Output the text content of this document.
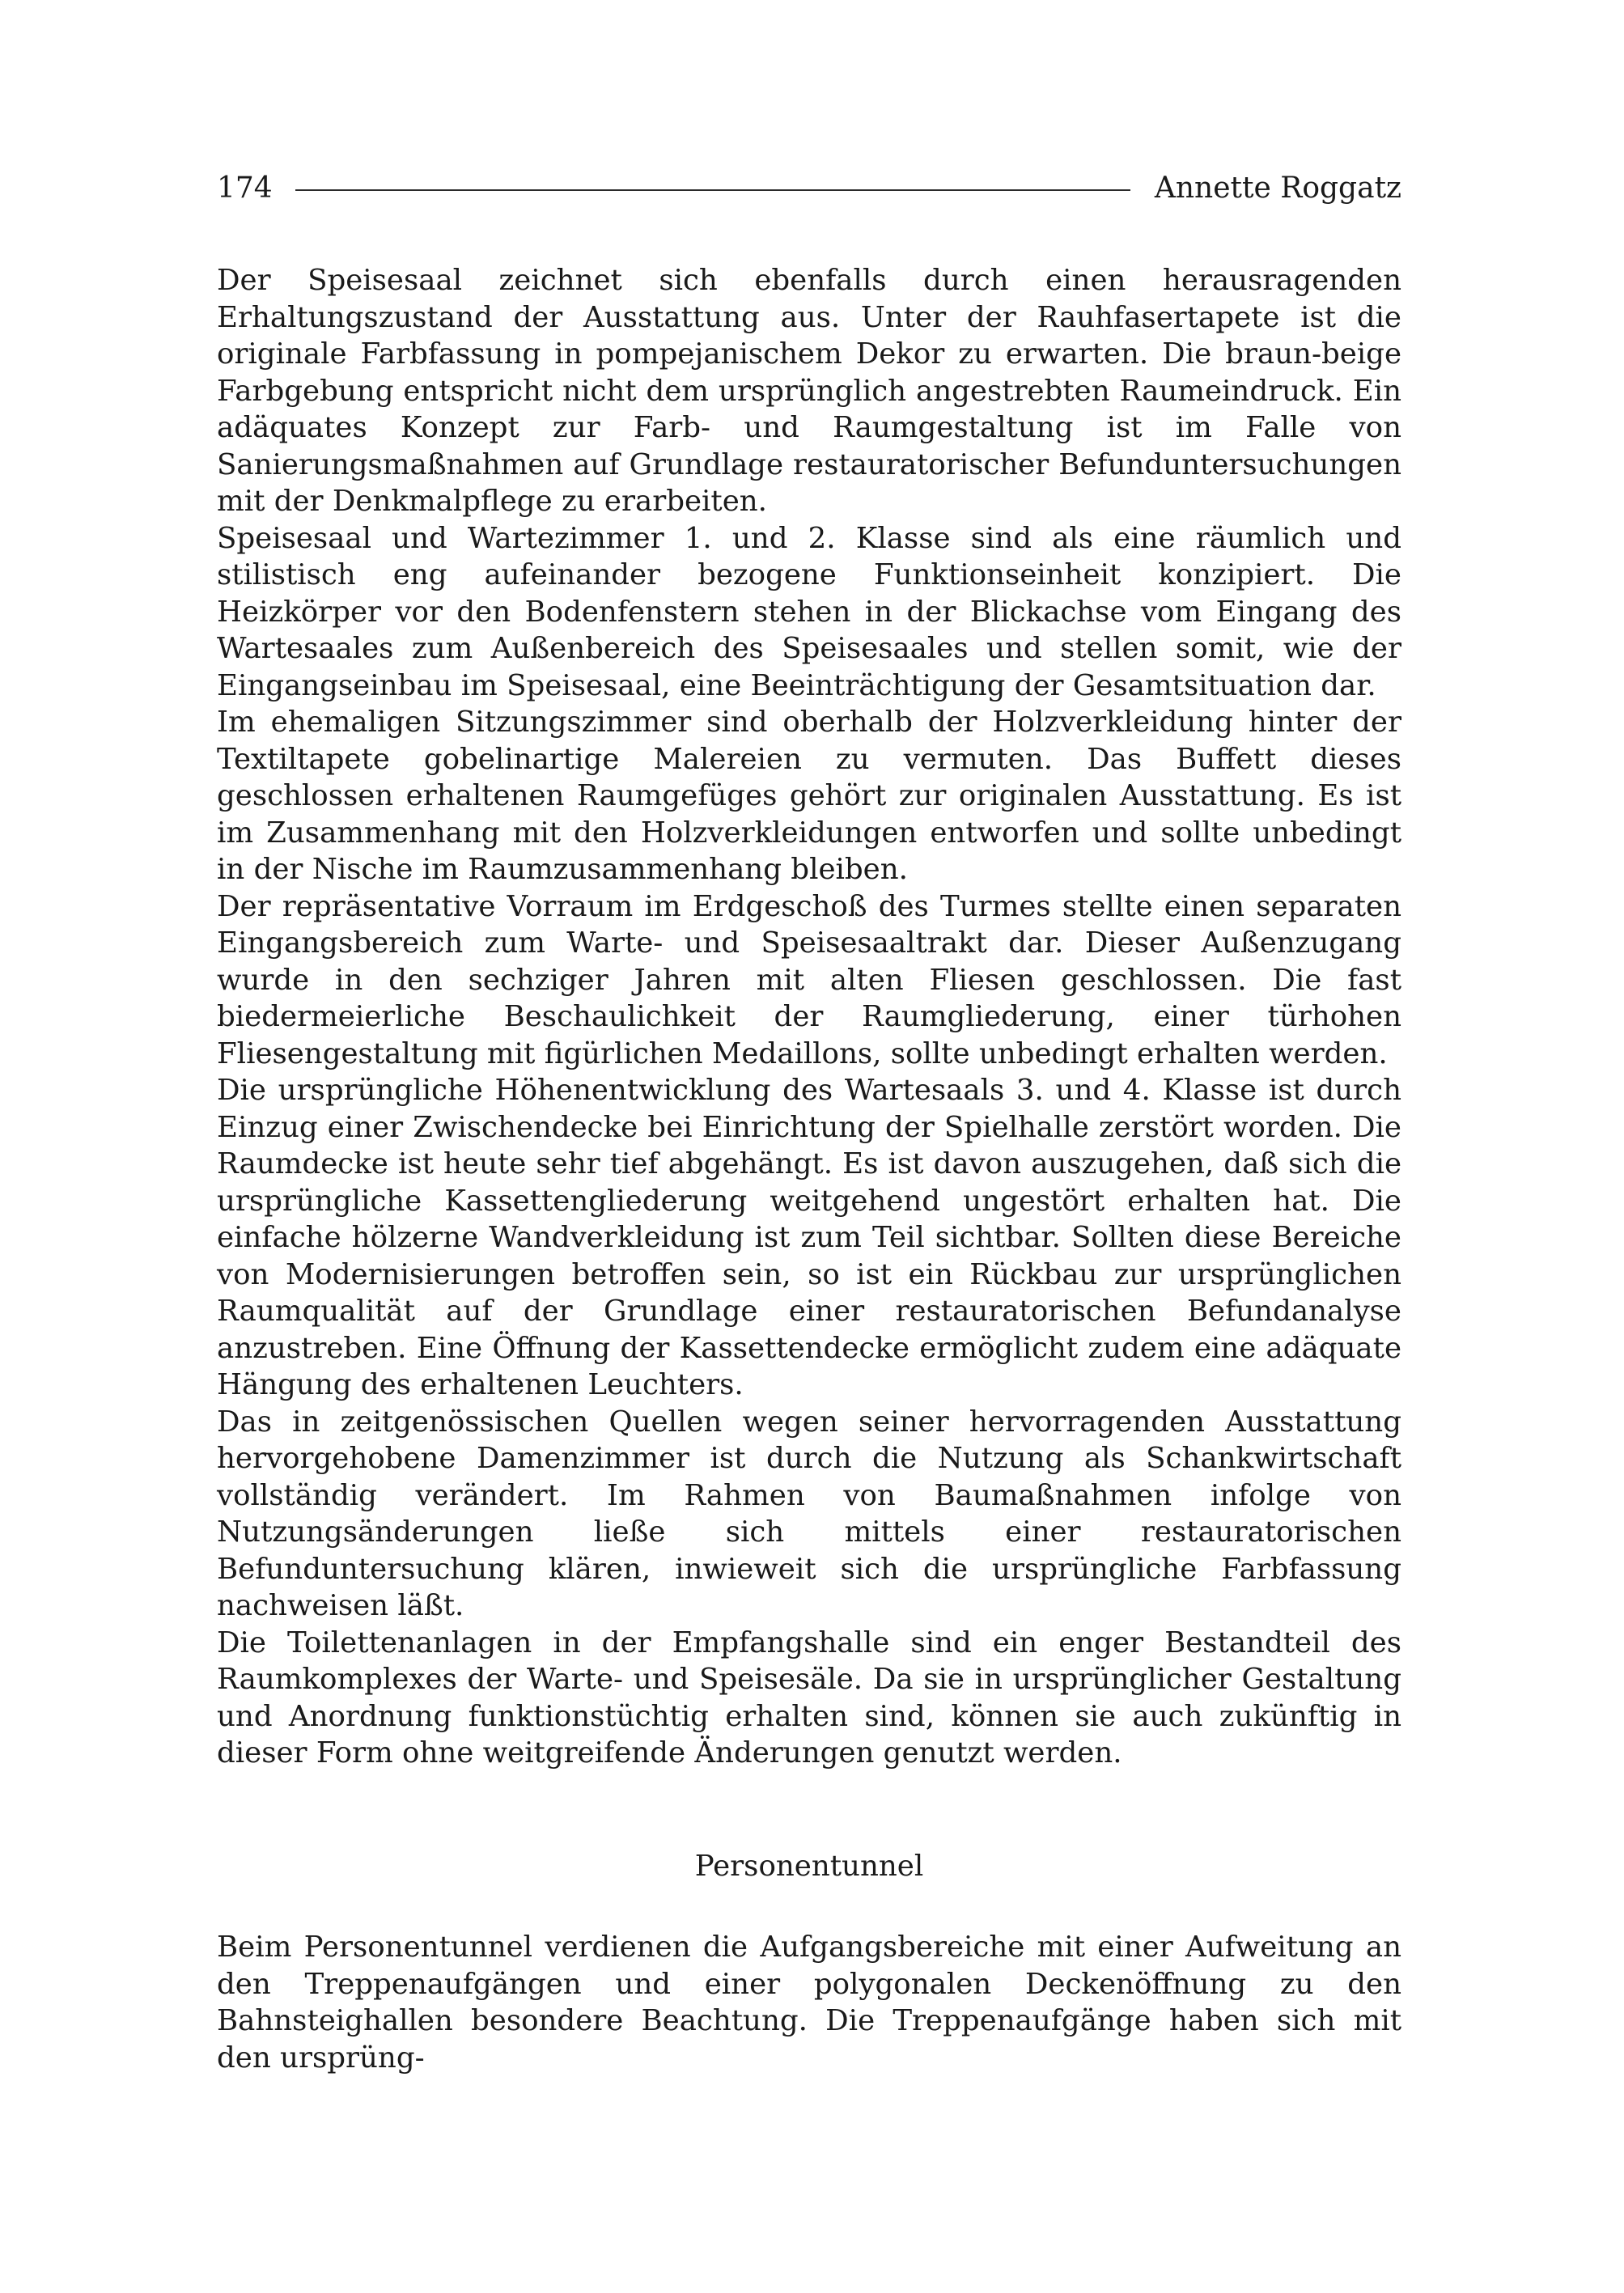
174	Annette Roggatz

Der Speisesaal zeichnet sich ebenfalls durch einen herausragenden Erhaltungszustand der Ausstattung aus. Unter der Rauhfasertapete ist die originale Farbfassung in pompejanischem Dekor zu erwarten. Die braun-beige Farbgebung entspricht nicht dem ursprünglich angestrebten Raumeindruck. Ein adäquates Konzept zur Farb- und Raumgestaltung ist im Falle von Sanierungsmaßnahmen auf Grundlage restauratorischer Befunduntersuchungen mit der Denkmalpflege zu erarbeiten.

Speisesaal und Wartezimmer 1. und 2. Klasse sind als eine räumlich und stilistisch eng aufeinander bezogene Funktionseinheit konzipiert. Die Heizkörper vor den Bodenfenstern stehen in der Blickachse vom Eingang des Wartesaales zum Außenbereich des Speisesaales und stellen somit, wie der Eingangseinbau im Speisesaal, eine Beeinträchtigung der Gesamtsituation dar.

Im ehemaligen Sitzungszimmer sind oberhalb der Holzverkleidung hinter der Textiltapete gobelinartige Malereien zu vermuten. Das Buffett dieses geschlossen erhaltenen Raumgefüges gehört zur originalen Ausstattung. Es ist im Zusammenhang mit den Holzverkleidungen entworfen und sollte unbedingt in der Nische im Raumzusammenhang bleiben.

Der repräsentative Vorraum im Erdgeschoß des Turmes stellte einen separaten Eingangsbereich zum Warte- und Speisesaaltrakt dar. Dieser Außenzugang wurde in den sechziger Jahren mit alten Fliesen geschlossen. Die fast biedermeierliche Beschaulichkeit der Raumgliederung, einer türhohen Fliesengestaltung mit figürlichen Medaillons, sollte unbedingt erhalten werden.

Die ursprüngliche Höhenentwicklung des Wartesaals 3. und 4. Klasse ist durch Einzug einer Zwischendecke bei Einrichtung der Spielhalle zerstört worden. Die Raumdecke ist heute sehr tief abgehängt. Es ist davon auszugehen, daß sich die ursprüngliche Kassettengliederung weitgehend ungestört erhalten hat. Die einfache hölzerne Wandverkleidung ist zum Teil sichtbar. Sollten diese Bereiche von Modernisierungen betroffen sein, so ist ein Rückbau zur ursprünglichen Raumqualität auf der Grundlage einer restauratorischen Befundanalyse anzustreben. Eine Öffnung der Kassettendecke ermöglicht zudem eine adäquate Hängung des erhaltenen Leuchters.

Das in zeitgenössischen Quellen wegen seiner hervorragenden Ausstattung hervorgehobene Damenzimmer ist durch die Nutzung als Schankwirtschaft vollständig verändert. Im Rahmen von Baumaßnahmen infolge von Nutzungsänderungen ließe sich mittels einer restauratorischen Befunduntersuchung klären, inwieweit sich die ursprüngliche Farbfassung nachweisen läßt.

Die Toilettenanlagen in der Empfangshalle sind ein enger Bestandteil des Raumkomplexes der Warte- und Speisesäle. Da sie in ursprünglicher Gestaltung und Anordnung funktionstüchtig erhalten sind, können sie auch zukünftig in dieser Form ohne weitgreifende Änderungen genutzt werden.

Personentunnel

Beim Personentunnel verdienen die Aufgangsbereiche mit einer Aufweitung an den Treppenaufgängen und einer polygonalen Deckenöffnung zu den Bahnsteighallen besondere Beachtung. Die Treppenaufgänge haben sich mit den ursprüng-
